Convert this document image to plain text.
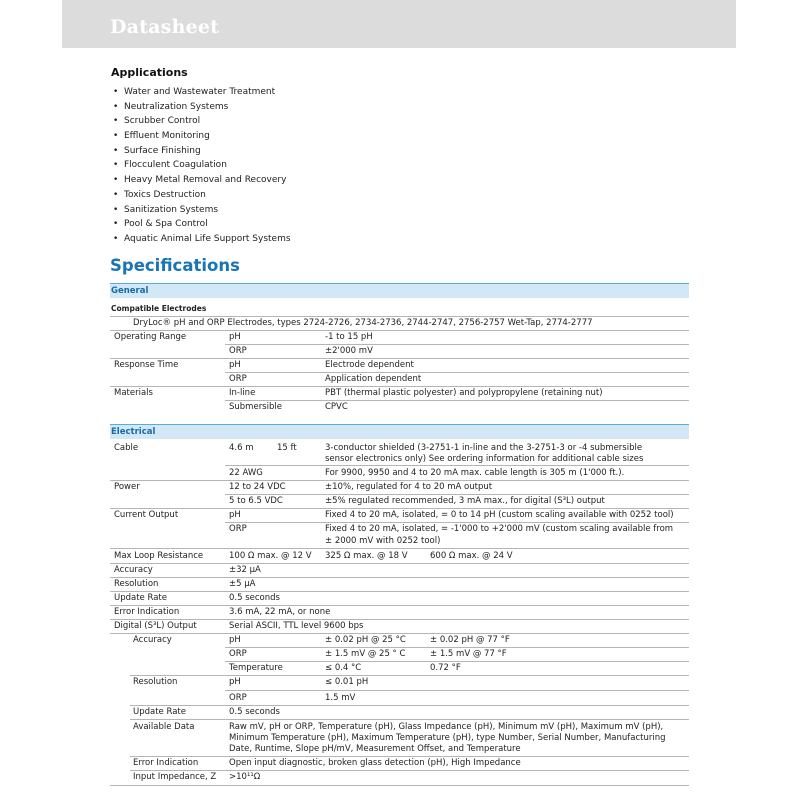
Datasheet
Applications
• Water and Wastewater Treatment
• Neutralization Systems
• Scrubber Control
• Effluent Monitoring
• Surface Finishing
• Flocculent Coagulation
• Heavy Metal Removal and Recovery
• Toxics Destruction
• Sanitization Systems
• Pool & Spa Control
• Aquatic Animal Life Support Systems
Specifications
General
Compatible Electrodes
DryLoc® pH and ORP Electrodes, types 2724-2726, 2734-2736, 2744-2747, 2756-2757 Wet-Tap, 2774-2777
Operating Range	pH	-1 to 15 pH
ORP	±2'000 mV
Response Time	pH	Electrode dependent
ORP	Application dependent
Materials	In-line	PBT (thermal plastic polyester) and polypropylene (retaining nut)
Submersible	CPVC
Electrical
Cable	4.6 m	15 ft	3-conductor shielded (3-2751-1 in-line and the 3-2751-3 or -4 submersible
sensor electronics only) See ordering information for additional cable sizes
22 AWG	For 9900, 9950 and 4 to 20 mA max. cable length is 305 m (1'000 ft.).
Power	12 to 24 VDC	±10%, regulated for 4 to 20 mA output
5 to 6.5 VDC	±5% regulated recommended, 3 mA max., for digital (S³L) output
Current Output	pH	Fixed 4 to 20 mA, isolated, = 0 to 14 pH (custom scaling available with 0252 tool)
ORP	Fixed 4 to 20 mA, isolated, = -1'000 to +2'000 mV (custom scaling available from
± 2000 mV with 0252 tool)
Max Loop Resistance	100 Ω max. @ 12 V 325 Ω max. @ 18 V	600 Ω max. @ 24 V
Accuracy	±32 µA
Resolution	±5 µA
Update Rate	0.5 seconds
Error Indication	3.6 mA, 22 mA, or none
Digital (S³L) Output	Serial ASCII, TTL level 9600 bps
Accuracy	pH	± 0.02 pH @ 25 °C	± 0.02 pH @ 77 °F
ORP	± 1.5 mV @ 25 ° C	± 1.5 mV @ 77 °F
Temperature	≤ 0.4 °C	0.72 °F
Resolution	pH	≤ 0.01 pH
ORP	1.5 mV
Update Rate	0.5 seconds
Available Data	Raw mV, pH or ORP, Temperature (pH), Glass Impedance (pH), Minimum mV (pH), Maximum mV (pH),
Minimum Temperature (pH), Maximum Temperature (pH), type Number, Serial Number, Manufacturing
Date, Runtime, Slope pH/mV, Measurement Offset, and Temperature
Error Indication	Open input diagnostic, broken glass detection (pH), High Impedance
Input Impedance, Z >10¹¹Ω
